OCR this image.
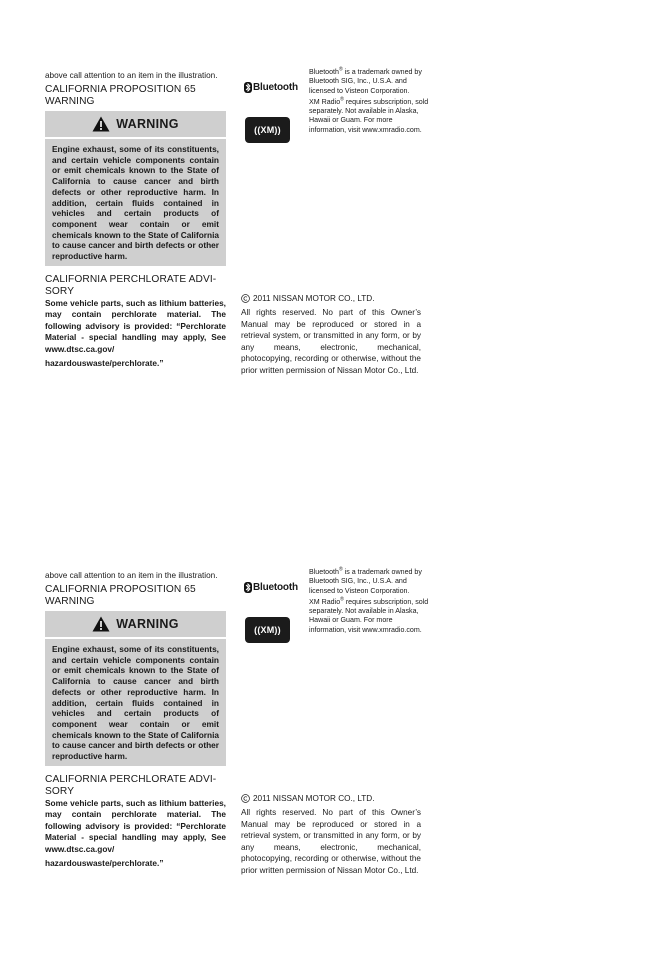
above call attention to an item in the illustration.
CALIFORNIA PROPOSITION 65
WARNING
WARNING
Engine exhaust, some of its constituents, and certain vehicle components contain or emit chemicals known to the State of California to cause cancer and birth defects or other reproductive harm. In addition, certain fluids contained in vehicles and certain products of component wear contain or emit chemicals known to the State of California to cause cancer and birth defects or other reproductive harm.
CALIFORNIA PERCHLORATE ADVI-
SORY
Some vehicle parts, such as lithium batteries, may contain perchlorate material. The following advisory is provided: “Perchlorate Material - special handling may apply, See www.dtsc.ca.gov/
hazardouswaste/perchlorate.”
Bluetooth
((XM))

Bluetooth® is a trademark owned by Bluetooth SIG, Inc., U.S.A. and licensed to Visteon Corporation.

XM Radio® requires subscription, sold separately. Not available in Alaska, Hawaii or Guam. For more information, visit www.xmradio.com.

2011 NISSAN MOTOR CO., LTD.
All rights reserved. No part of this Owner’s Manual may be reproduced or stored in a retrieval system, or transmitted in any form, or by any means, electronic, mechanical, photocopying, recording or otherwise, without the prior written permission of Nissan Motor Co., Ltd.
above call attention to an item in the illustration.
CALIFORNIA PROPOSITION 65
WARNING
WARNING
Engine exhaust, some of its constituents, and certain vehicle components contain or emit chemicals known to the State of California to cause cancer and birth defects or other reproductive harm. In addition, certain fluids contained in vehicles and certain products of component wear contain or emit chemicals known to the State of California to cause cancer and birth defects or other reproductive harm.
CALIFORNIA PERCHLORATE ADVI-
SORY
Some vehicle parts, such as lithium batteries, may contain perchlorate material. The following advisory is provided: “Perchlorate Material - special handling may apply, See www.dtsc.ca.gov/
hazardouswaste/perchlorate.”
Bluetooth
((XM))

Bluetooth® is a trademark owned by Bluetooth SIG, Inc., U.S.A. and licensed to Visteon Corporation.

XM Radio® requires subscription, sold separately. Not available in Alaska, Hawaii or Guam. For more information, visit www.xmradio.com.

2011 NISSAN MOTOR CO., LTD.
All rights reserved. No part of this Owner’s Manual may be reproduced or stored in a retrieval system, or transmitted in any form, or by any means, electronic, mechanical, photocopying, recording or otherwise, without the prior written permission of Nissan Motor Co., Ltd.
